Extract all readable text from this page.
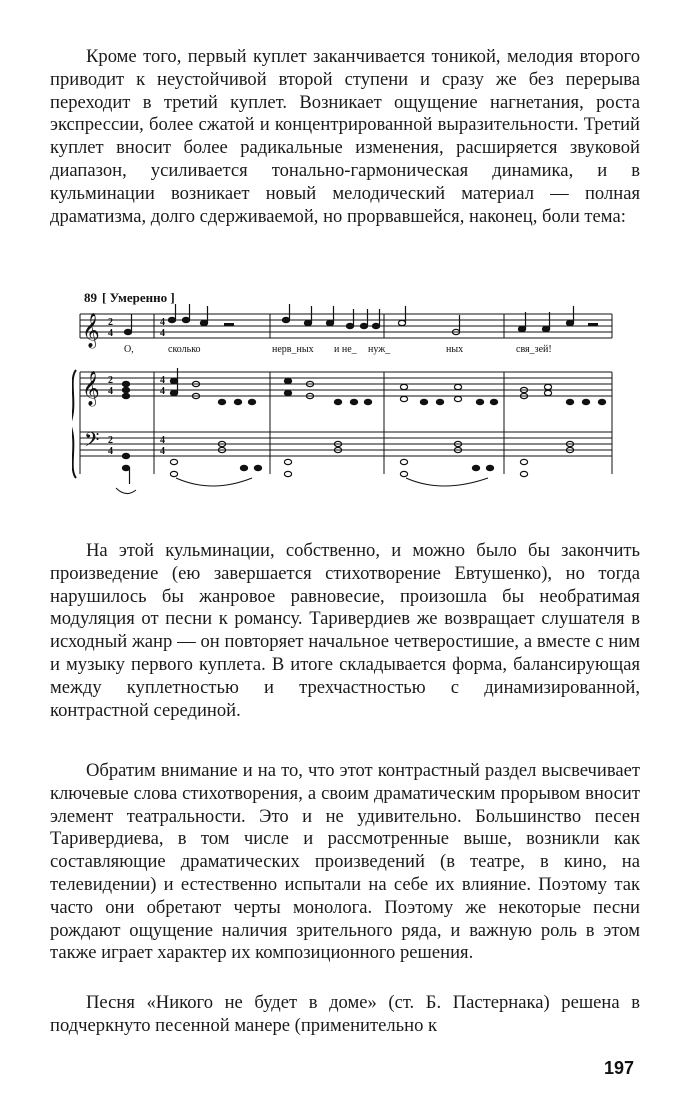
Кроме того, первый куплет заканчивается тоникой, мелодия второго приводит к неустойчивой второй ступени и сразу же без перерыва переходит в третий куплет. Возникает ощущение нагнетания, роста экспрессии, более сжатой и концентрированной выразительности. Третий куплет вносит более радикальные изменения, расширяется звуковой диапазон, усиливается тонально-гармоническая динамика, и в кульминации возникает новый мелодический материал — полная драматизма, долго сдерживаемой, но прорвавшейся, наконец, боли тема:

89 [ Умеренно ]
𝄞 2
4
4
4
О,	сколько	нерв_ных и не_ нуж_	ных	свя_зей!
𝄞 2
4
4
4
𝄢 2
4
4
4

На этой кульминации, собственно, и можно было бы закончить произведение (ею завершается стихотворение Евтушенко), но тогда нарушилось бы жанровое равновесие, произошла бы необратимая модуляция от песни к романсу. Таривердиев же возвращает слушателя в исходный жанр — он повторяет начальное четверостишие, а вместе с ним и музыку первого куплета. В итоге складывается форма, балансирующая между куплетностью и трехчастностью с динамизированной, контрастной серединой.

Обратим внимание и на то, что этот контрастный раздел высвечивает ключевые слова стихотворения, а своим драматическим прорывом вносит элемент театральности. Это и не удивительно. Большинство песен Таривердиева, в том числе и рассмотренные выше, возникли как составляющие драматических произведений (в театре, в кино, на телевидении) и естественно испытали на себе их влияние. Поэтому так часто они обретают черты монолога. Поэтому же некоторые песни рождают ощущение наличия зрительного ряда, и важную роль в этом также играет характер их композиционного решения.

Песня «Никого не будет в доме» (ст. Б. Пастернака) решена в подчеркнуто песенной манере (применительно к

197
